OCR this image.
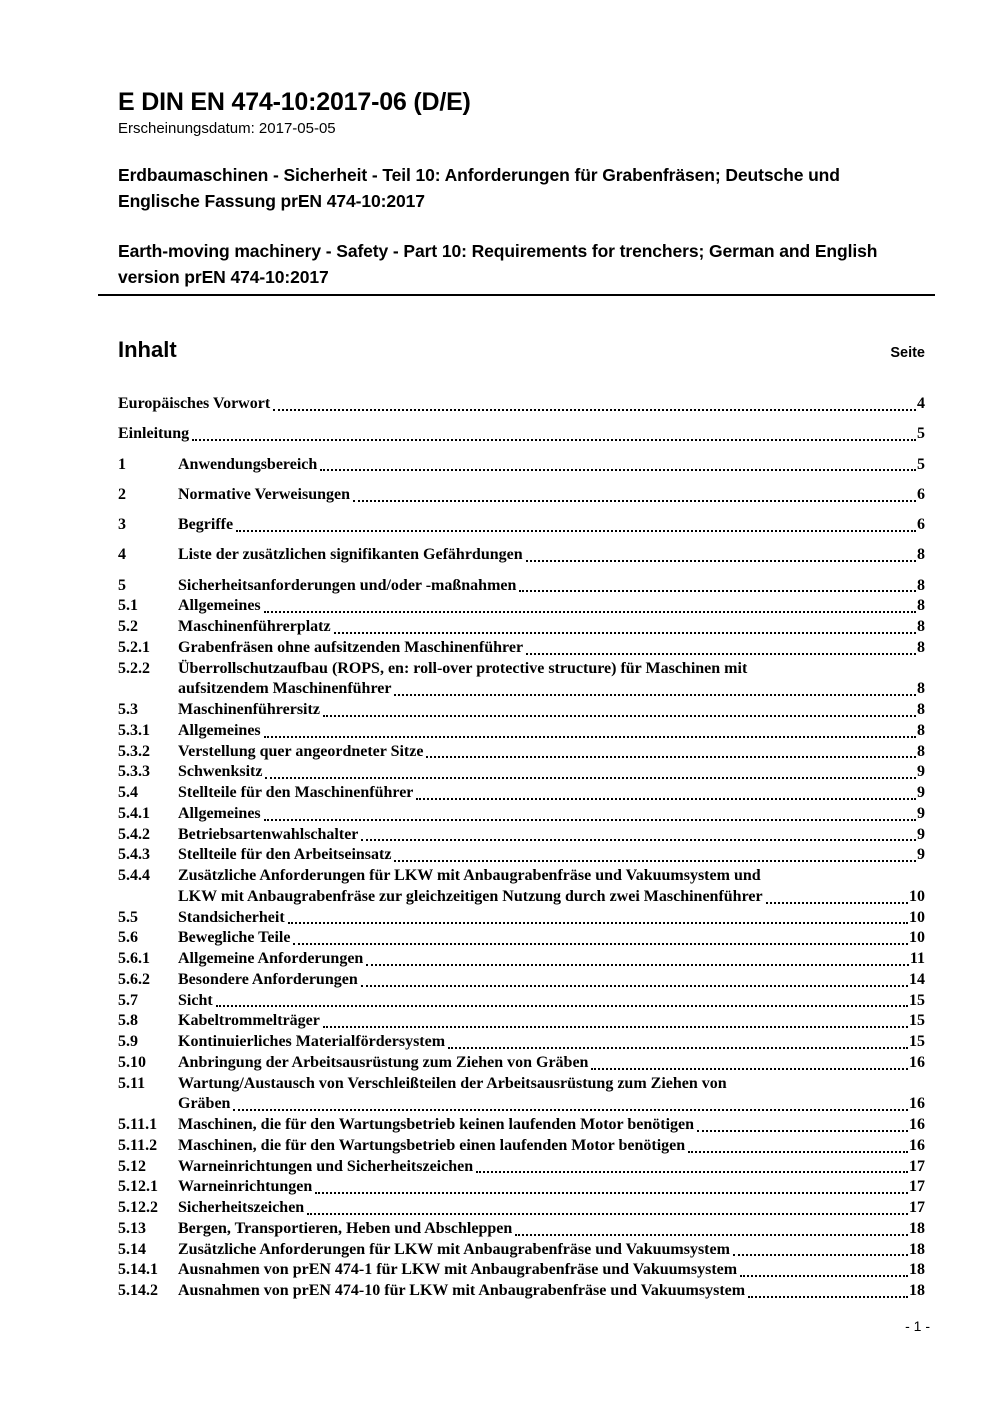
E DIN EN 474-10:2017-06 (D/E)
Erscheinungsdatum: 2017-05-05
Erdbaumaschinen - Sicherheit - Teil 10: Anforderungen für Grabenfräsen; Deutsche und Englische Fassung prEN 474-10:2017
Earth-moving machinery - Safety - Part 10: Requirements for trenchers; German and English version prEN 474-10:2017
Inhalt	Seite
Europäisches Vorwort	4
Einleitung	5
1	Anwendungsbereich	5
2	Normative Verweisungen	6
3	Begriffe	6
4	Liste der zusätzlichen signifikanten Gefährdungen	8
5	Sicherheitsanforderungen und/oder -maßnahmen	8
5.1	Allgemeines	8
5.2	Maschinenführerplatz	8
5.2.1	Grabenfräsen ohne aufsitzenden Maschinenführer	8
5.2.2	Überrollschutzaufbau (ROPS, en: roll-over protective structure) für Maschinen mit
aufsitzendem Maschinenführer	8
5.3	Maschinenführersitz	8
5.3.1	Allgemeines	8
5.3.2	Verstellung quer angeordneter Sitze	8
5.3.3	Schwenksitz	9
5.4	Stellteile für den Maschinenführer	9
5.4.1	Allgemeines	9
5.4.2	Betriebsartenwahlschalter	9
5.4.3	Stellteile für den Arbeitseinsatz	9
5.4.4	Zusätzliche Anforderungen für LKW mit Anbaugrabenfräse und Vakuumsystem und
LKW mit Anbaugrabenfräse zur gleichzeitigen Nutzung durch zwei Maschinenführer	10
5.5	Standsicherheit	10
5.6	Bewegliche Teile	10
5.6.1	Allgemeine Anforderungen	11
5.6.2	Besondere Anforderungen	14
5.7	Sicht	15
5.8	Kabeltrommelträger	15
5.9	Kontinuierliches Materialfördersystem	15
5.10	Anbringung der Arbeitsausrüstung zum Ziehen von Gräben	16
5.11	Wartung/Austausch von Verschleißteilen der Arbeitsausrüstung zum Ziehen von
Gräben	16
5.11.1	Maschinen, die für den Wartungsbetrieb keinen laufenden Motor benötigen	16
5.11.2	Maschinen, die für den Wartungsbetrieb einen laufenden Motor benötigen	16
5.12	Warneinrichtungen und Sicherheitszeichen	17
5.12.1	Warneinrichtungen	17
5.12.2	Sicherheitszeichen	17
5.13	Bergen, Transportieren, Heben und Abschleppen	18
5.14	Zusätzliche Anforderungen für LKW mit Anbaugrabenfräse und Vakuumsystem	18
5.14.1	Ausnahmen von prEN 474-1 für LKW mit Anbaugrabenfräse und Vakuumsystem	18
5.14.2	Ausnahmen von prEN 474-10 für LKW mit Anbaugrabenfräse und Vakuumsystem	18
- 1 -
